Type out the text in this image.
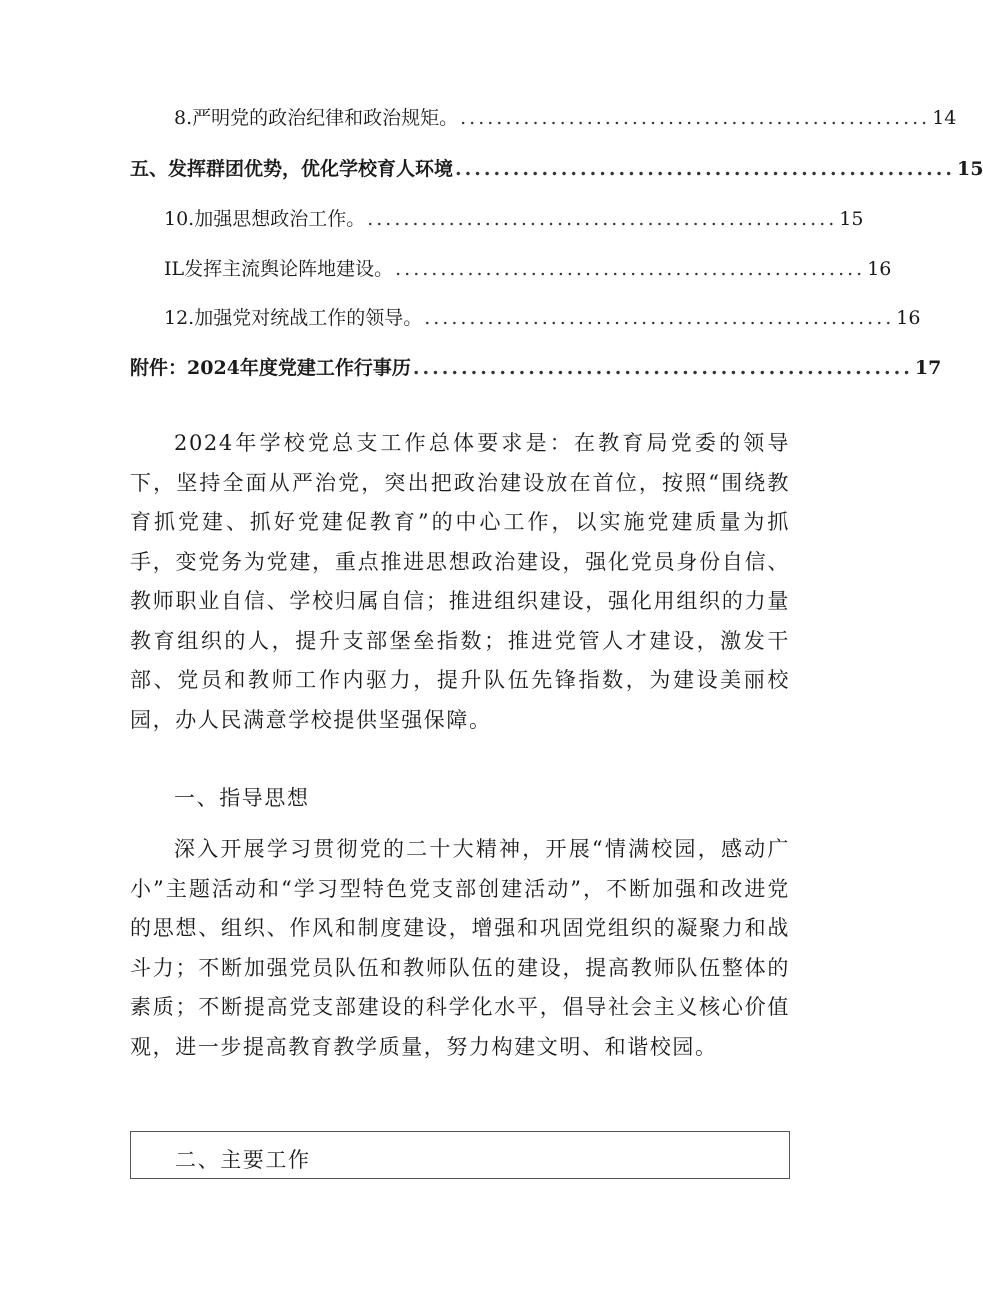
8.严明党的政治纪律和政治规矩。 .................................................... 14
五、发挥群团优势，优化学校育人环境 .................................................... 15
10.加强思想政治工作。 .................................................... 15
IL发挥主流舆论阵地建设。 .................................................... 16
12.加强党对统战工作的领导。 .................................................... 16
附件：2024年度党建工作行事历 .................................................... 17

2024年学校党总支工作总体要求是：在教育局党委的领导下，坚持全面从严治党，突出把政治建设放在首位，按照“围绕教育抓党建、抓好党建促教育”的中心工作，以实施党建质量为抓手，变党务为党建，重点推进思想政治建设，强化党员身份自信、教师职业自信、学校归属自信；推进组织建设，强化用组织的力量教育组织的人，提升支部堡垒指数；推进党管人才建设，激发干部、党员和教师工作内驱力，提升队伍先锋指数，为建设美丽校园，办人民满意学校提供坚强保障。

一、指导思想

深入开展学习贯彻党的二十大精神，开展“情满校园，感动广小”主题活动和“学习型特色党支部创建活动”，不断加强和改进党的思想、组织、作风和制度建设，增强和巩固党组织的凝聚力和战斗力；不断加强党员队伍和教师队伍的建设，提高教师队伍整体的素质；不断提高党支部建设的科学化水平，倡导社会主义核心价值观，进一步提高教育教学质量，努力构建文明、和谐校园。

二、主要工作
